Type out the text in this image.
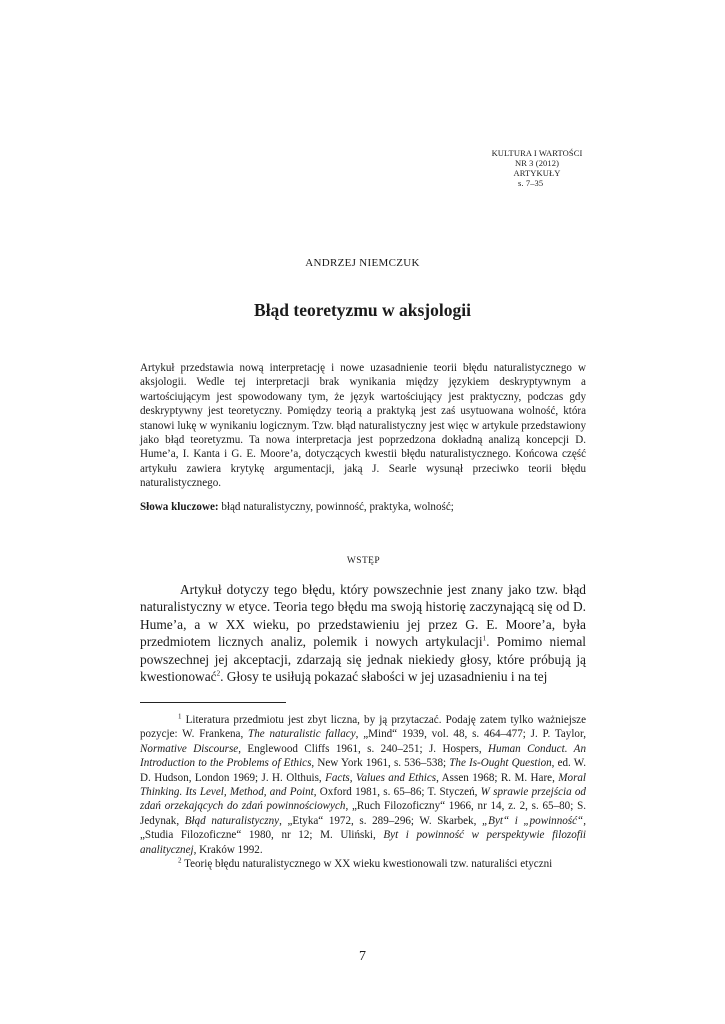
KULTURA I WARTOŚCI
NR 3 (2012)
ARTYKUŁY
s. 7–35
ANDRZEJ NIEMCZUK
Błąd teoretyzmu w aksjologii

Artykuł przedstawia nową interpretację i nowe uzasadnienie teorii błędu naturalistycznego w aksjologii. Wedle tej interpretacji brak wynikania między językiem deskryptywnym a wartościującym jest spowodowany tym, że język wartościujący jest praktyczny, podczas gdy deskryptywny jest teoretyczny. Pomiędzy teorią a praktyką jest zaś usytuowana wolność, która stanowi lukę w wynikaniu logicznym. Tzw. błąd naturalistyczny jest więc w artykule przedstawiony jako błąd teoretyzmu. Ta nowa interpretacja jest poprzedzona dokładną analizą koncepcji D. Hume’a, I. Kanta i G. E. Moore’a, dotyczących kwestii błędu naturalistycznego. Końcowa część artykułu zawiera krytykę argumentacji, jaką J. Searle wysunął przeciwko teorii błędu naturalistycznego.

Słowa kluczowe: błąd naturalistyczny, powinność, praktyka, wolność;

WSTĘP

Artykuł dotyczy tego błędu, który powszechnie jest znany jako tzw. błąd naturalistyczny w etyce. Teoria tego błędu ma swoją historię zaczynającą się od D. Hume’a, a w XX wieku, po przedstawieniu jej przez G. E. Moore’a, była przedmiotem licznych analiz, polemik i nowych artykulacji$^1$. Pomimo niemal powszechnej jej akceptacji, zdarzają się jednak niekiedy głosy, które próbują ją kwestionować$^2$. Głosy te usiłują pokazać słabości w jej uzasadnieniu i na tej

$^1$ Literatura przedmiotu jest zbyt liczna, by ją przytaczać. Podaję zatem tylko ważniejsze pozycje: W. Frankena, The naturalistic fallacy, „Mind“ 1939, vol. 48, s. 464–477; J. P. Taylor, Normative Discourse, Englewood Cliffs 1961, s. 240–251; J. Hospers, Human Conduct. An Introduction to the Problems of Ethics, New York 1961, s. 536–538; The Is-Ought Question, ed. W. D. Hudson, London 1969; J. H. Olthuis, Facts, Values and Ethics, Assen 1968; R. M. Hare, Moral Thinking. Its Level, Method, and Point, Oxford 1981, s. 65–86; T. Styczeń, W sprawie przejścia od zdań orzekających do zdań powinnościowych, „Ruch Filozoficzny“ 1966, nr 14, z. 2, s. 65–80; S. Jedynak, Błąd naturalistyczny, „Etyka“ 1972, s. 289–296; W. Skarbek, „Byt“ i „powinność“, „Studia Filozoficzne“ 1980, nr 12; M. Uliński, Byt i powinność w perspektywie filozofii analitycznej, Kraków 1992.

$^2$ Teorię błędu naturalistycznego w XX wieku kwestionowali tzw. naturaliści etyczni

7
